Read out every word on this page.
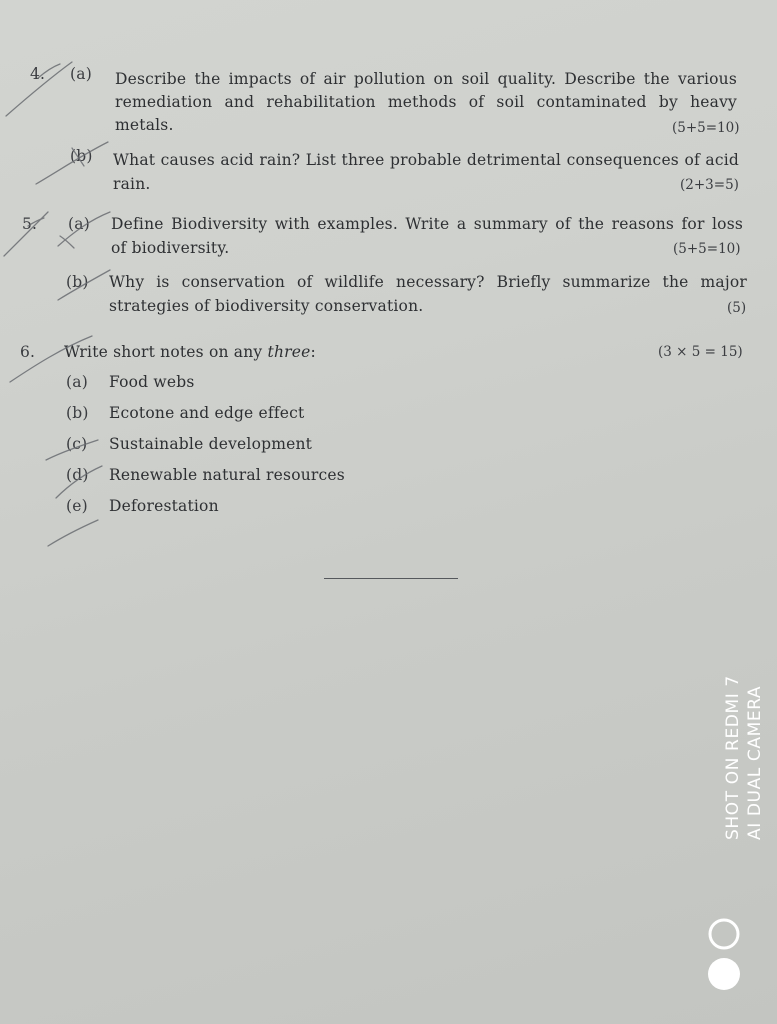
4. (a) Describe the impacts of air pollution on soil quality. Describe the various
remediation and rehabilitation methods of soil contaminated by heavy
metals.	(5+5=10)
(b) What causes acid rain? List three probable detrimental consequences of acid
rain.	(2+3=5)
5. (a) Define Biodiversity with examples. Write a summary of the reasons for loss
of biodiversity.	(5+5=10)
(b) Why is conservation of wildlife necessary? Briefly summarize the major
strategies of biodiversity conservation.	(5)
6. Write short notes on any three:	(3 × 5 = 15)
(a) Food webs
(b) Ecotone and edge effect
(c) Sustainable development
(d) Renewable natural resources
(e) Deforestation
SHOT ON REDMI 7 AI DUAL CAMERA
